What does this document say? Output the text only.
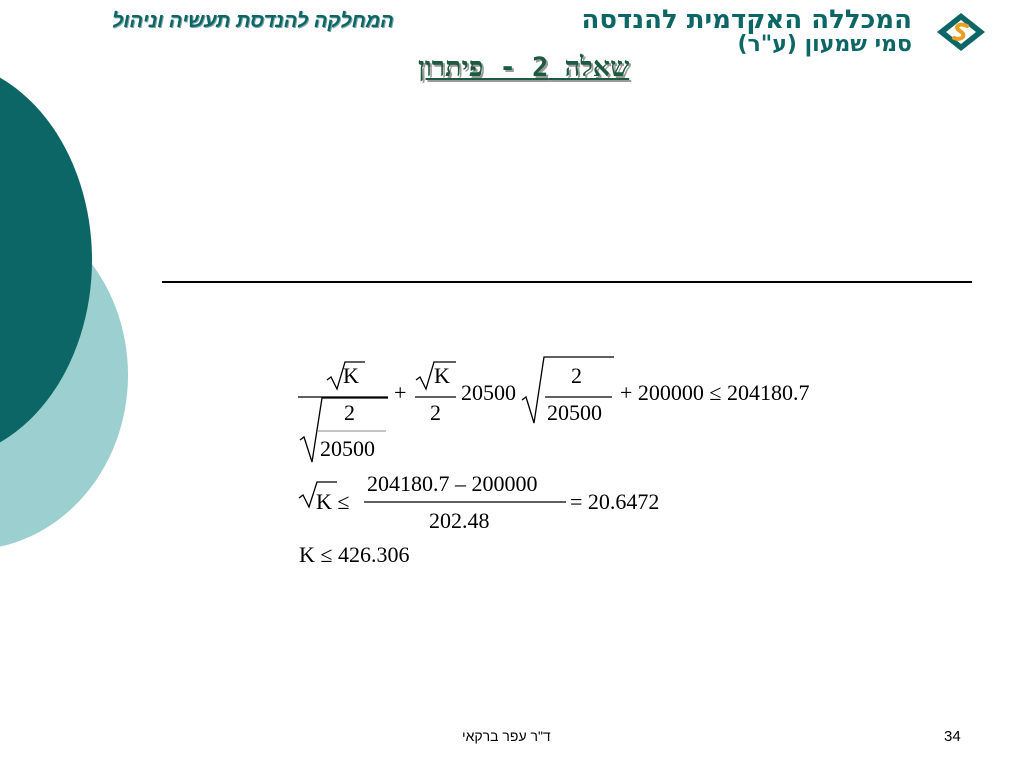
המכללה האקדמית להנדסה
סמי שמעון (ע"ר)
המחלקה להנדסת תעשיה וניהול
שאלה 2 - פיתרון
K
2
20500
+
K
2
20500
2
20500
+ 200000 ≤ 204180.7
K ≤
204180.7 – 200000
202.48
= 20.6472
K ≤ 426.306
ד"ר עפר ברקאי	34
